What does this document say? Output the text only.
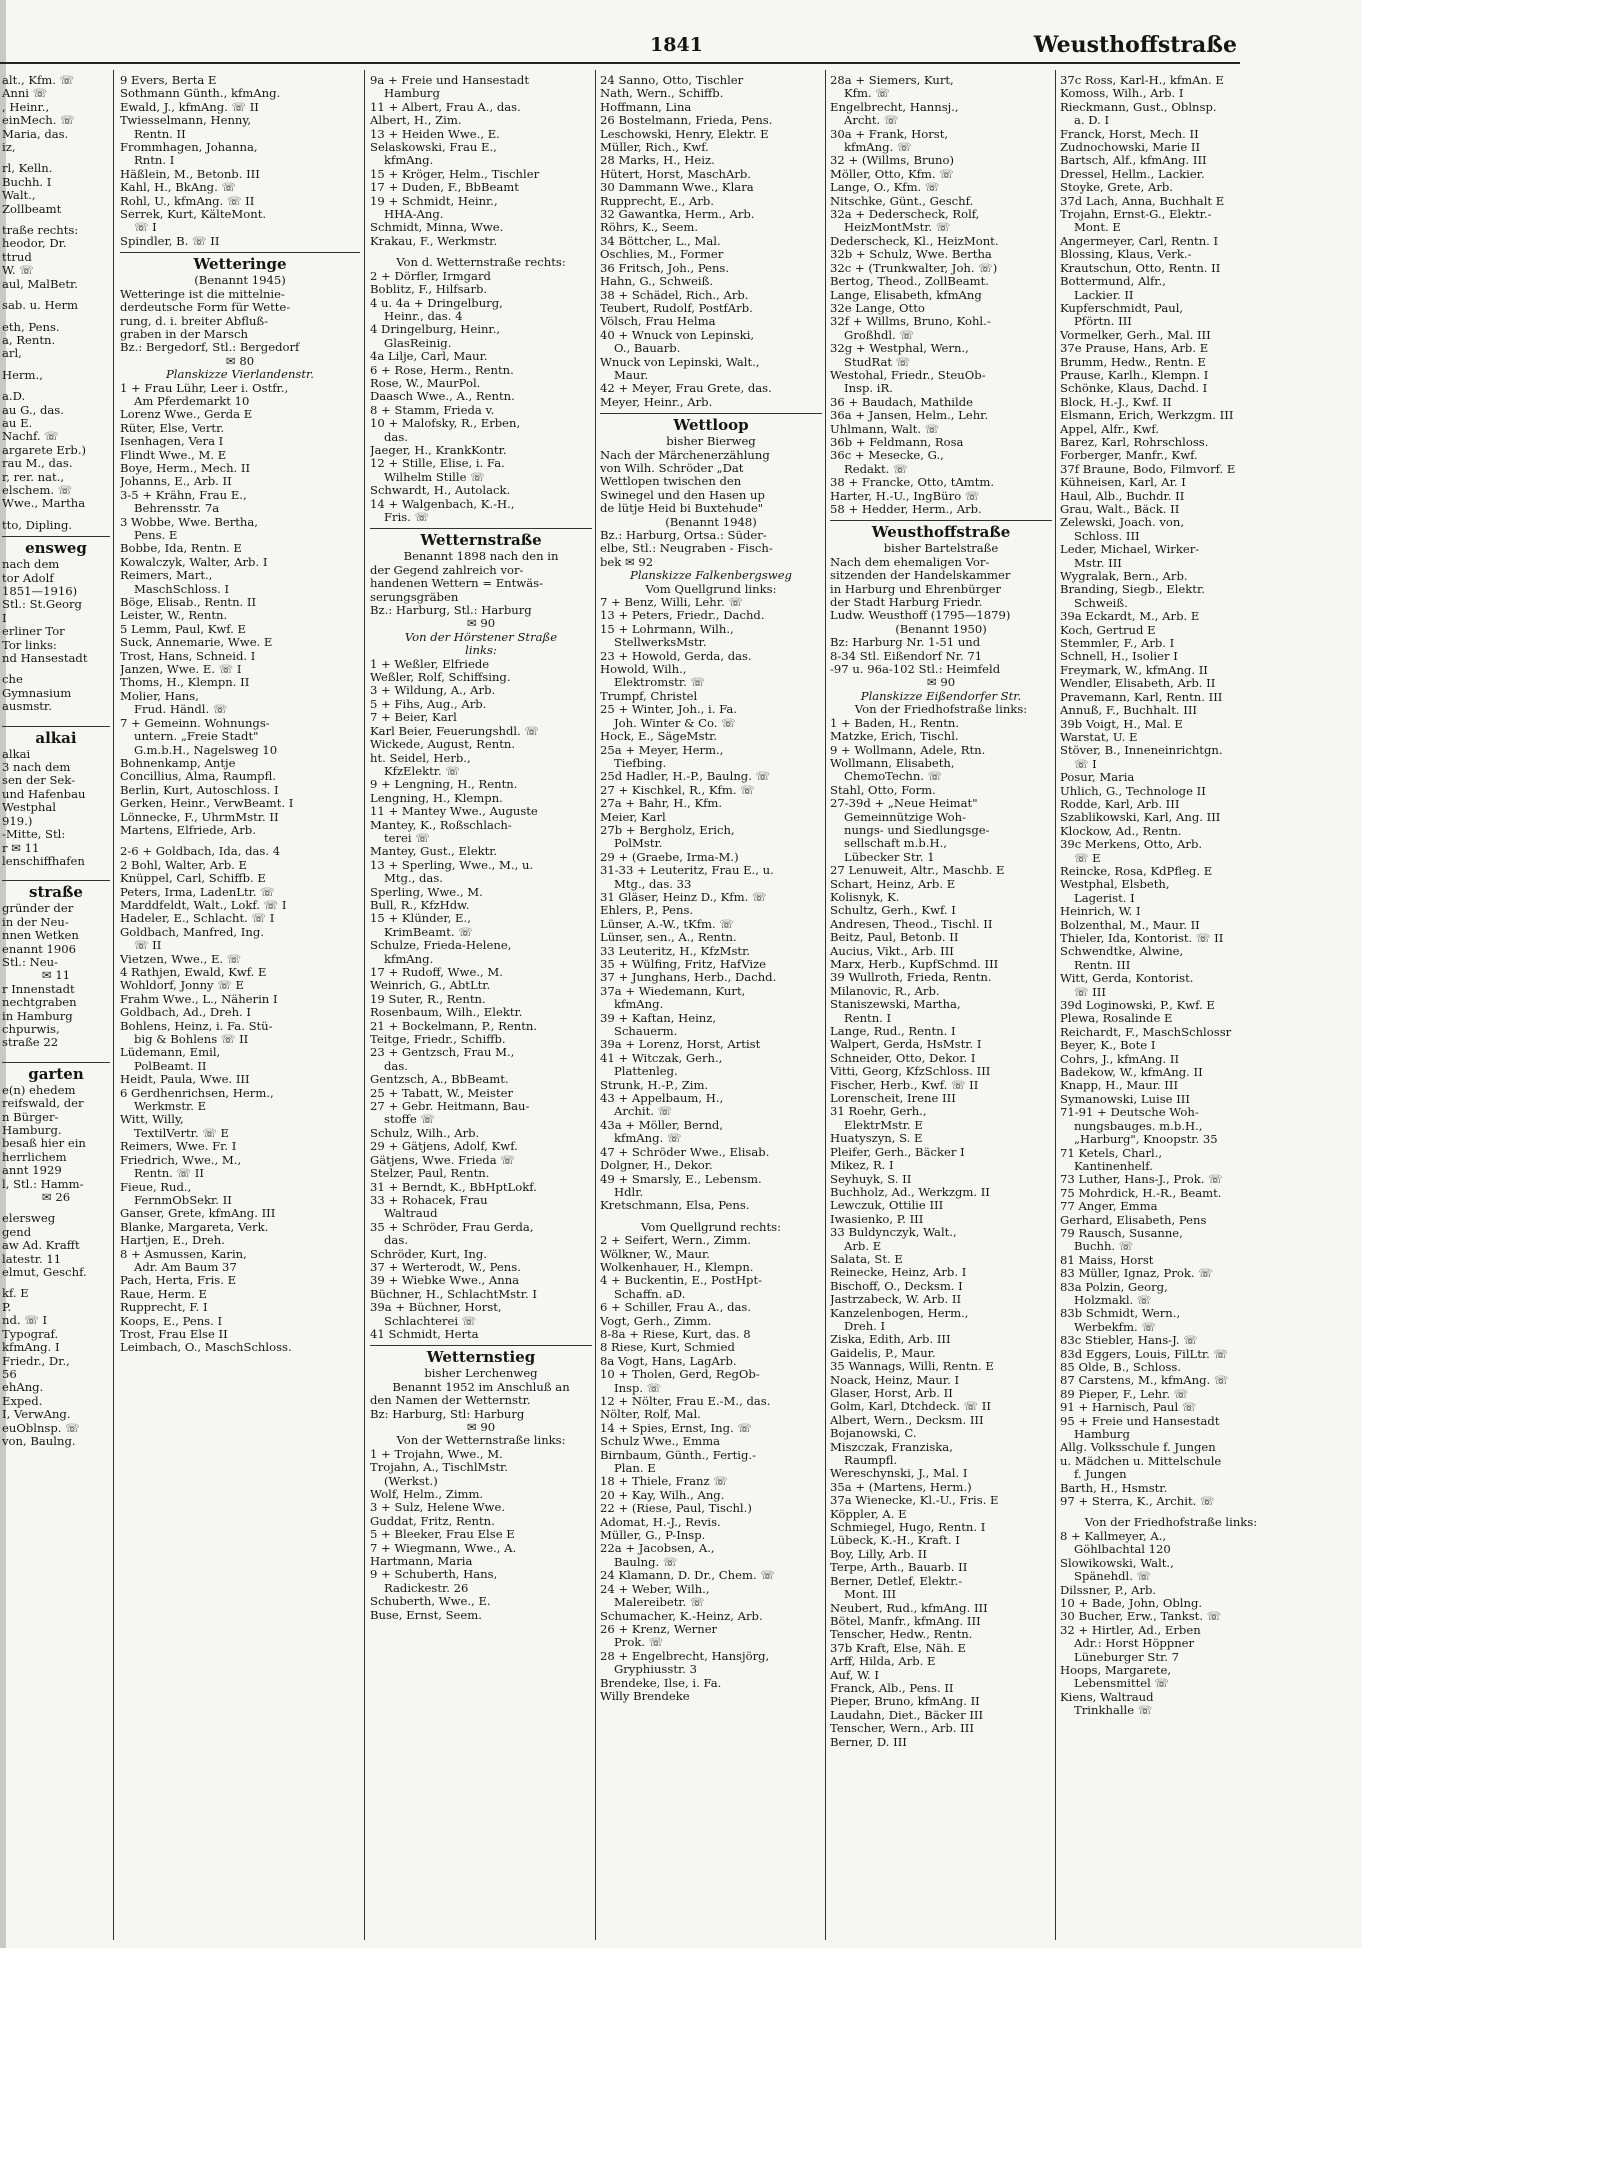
1841	Weusthoffstraße
alt., Kfm. ☏
Anni ☏
, Heinr.,
einMech. ☏
Maria, das.
iz,
rl, Kelln.
Buchh. I
Walt.,
Zollbeamt
traße rechts:
heodor, Dr.
ttrud
W. ☏
aul, MalBetr.
sab. u. Herm
eth, Pens.
a, Rentn.
arl,
Herm.,
a.D.
au G., das.
au E.
Nachf. ☏
argarete Erb.)
rau M., das.
r, rer. nat.,
elschem. ☏
Wwe., Martha
tto, Dipling.
ensweg
nach dem
tor Adolf
1851—1916)
Stl.: St.Georg
I
erliner Tor
Tor links:
nd Hansestadt
che
Gymnasium
ausmstr.
alkai
alkai
3 nach dem
sen der Sek-
und Hafenbau
Westphal
919.)
-Mitte, Stl:
r ✉ 11
lenschiffhafen
straße
gründer der
in der Neu-
nnen Wetken
enannt 1906
Stl.: Neu-
✉ 11
r Innenstadt
nechtgraben
in Hamburg
chpurwis,
straße 22
garten
e(n) ehedem
reifswald, der
n Bürger-
Hamburg.
besaß hier ein
herrlichem
annt 1929
l, Stl.: Hamm-
✉ 26
elersweg
gend
aw Ad. Krafft
latestr. 11
elmut, Geschf.
kf. E
P.
nd. ☏ I
Typograf.
kfmAng. I
Friedr., Dr.,
56
ehAng.
Exped.
I, VerwAng.
euOblnsp. ☏
von, Baulng.
9 Evers, Berta E
Sothmann Günth., kfmAng.
Ewald, J., kfmAng. ☏ II
Twiesselmann, Henny,
Rentn. II
Frommhagen, Johanna,
Rntn. I
Häßlein, M., Betonb. III
Kahl, H., BkAng. ☏
Rohl, U., kfmAng. ☏ II
Serrek, Kurt, KälteMont.
☏ I
Spindler, B. ☏ II
Wetteringe
(Benannt 1945)
Wetteringe ist die mittelnie-
derdeutsche Form für Wette-
rung, d. i. breiter Abfluß-
graben in der Marsch
Bz.: Bergedorf, Stl.: Bergedorf
✉ 80
Planskizze Vierlandenstr.
1 + Frau Lühr, Leer i. Ostfr.,
Am Pferdemarkt 10
Lorenz Wwe., Gerda E
Rüter, Else, Vertr.
Isenhagen, Vera I
Flindt Wwe., M. E
Boye, Herm., Mech. II
Johanns, E., Arb. II
3-5 + Krähn, Frau E.,
Behrensstr. 7a
3 Wobbe, Wwe. Bertha,
Pens. E
Bobbe, Ida, Rentn. E
Kowalczyk, Walter, Arb. I
Reimers, Mart.,
MaschSchloss. I
Böge, Elisab., Rentn. II
Leister, W., Rentn.
5 Lemm, Paul, Kwf. E
Suck, Annemarie, Wwe. E
Trost, Hans, Schneid. I
Janzen, Wwe. E. ☏ I
Thoms, H., Klempn. II
Molier, Hans,
Frud. Händl. ☏
7 + Gemeinn. Wohnungs-
untern. „Freie Stadt"
G.m.b.H., Nagelsweg 10
Bohnenkamp, Antje
Concillius, Alma, Raumpfl.
Berlin, Kurt, Autoschloss. I
Gerken, Heinr., VerwBeamt. I
Lönnecke, F., UhrmMstr. II
Martens, Elfriede, Arb.
2-6 + Goldbach, Ida, das. 4
2 Bohl, Walter, Arb. E
Knüppel, Carl, Schiffb. E
Peters, Irma, LadenLtr. ☏
Marddfeldt, Walt., Lokf. ☏ I
Hadeler, E., Schlacht. ☏ I
Goldbach, Manfred, Ing.
☏ II
Vietzen, Wwe., E. ☏
4 Rathjen, Ewald, Kwf. E
Wohldorf, Jonny ☏ E
Frahm Wwe., L., Näherin I
Goldbach, Ad., Dreh. I
Bohlens, Heinz, i. Fa. Stü-
big & Bohlens ☏ II
Lüdemann, Emil,
PolBeamt. II
Heidt, Paula, Wwe. III
6 Gerdhenrichsen, Herm.,
Werkmstr. E
Witt, Willy,
TextilVertr. ☏ E
Reimers, Wwe. Fr. I
Friedrich, Wwe., M.,
Rentn. ☏ II
Fieue, Rud.,
FernmObSekr. II
Ganser, Grete, kfmAng. III
Blanke, Margareta, Verk.
Hartjen, E., Dreh.
8 + Asmussen, Karin,
Adr. Am Baum 37
Pach, Herta, Fris. E
Raue, Herm. E
Rupprecht, F. I
Koops, E., Pens. I
Trost, Frau Else II
Leimbach, O., MaschSchloss.
9a + Freie und Hansestadt
Hamburg
11 + Albert, Frau A., das.
Albert, H., Zim.
13 + Heiden Wwe., E.
Selaskowski, Frau E.,
kfmAng.
15 + Kröger, Helm., Tischler
17 + Duden, F., BbBeamt
19 + Schmidt, Heinr.,
HHA-Ang.
Schmidt, Minna, Wwe.
Krakau, F., Werkmstr.
Von d. Wetternstraße rechts:
2 + Dörfler, Irmgard
Boblitz, F., Hilfsarb.
4 u. 4a + Dringelburg,
Heinr., das. 4
4 Dringelburg, Heinr.,
GlasReinig.
4a Lilje, Carl, Maur.
6 + Rose, Herm., Rentn.
Rose, W., MaurPol.
Daasch Wwe., A., Rentn.
8 + Stamm, Frieda v.
10 + Malofsky, R., Erben,
das.
Jaeger, H., KrankKontr.
12 + Stille, Elise, i. Fa.
Wilhelm Stille ☏
Schwardt, H., Autolack.
14 + Walgenbach, K.-H.,
Fris. ☏
Wetternstraße
Benannt 1898 nach den in
der Gegend zahlreich vor-
handenen Wettern = Entwäs-
serungsgräben
Bz.: Harburg, Stl.: Harburg
✉ 90
Von der Hörstener Straße
links:
1 + Weßler, Elfriede
Weßler, Rolf, Schiffsing.
3 + Wildung, A., Arb.
5 + Fihs, Aug., Arb.
7 + Beier, Karl
Karl Beier, Feuerungshdl. ☏
Wickede, August, Rentn.
ht. Seidel, Herb.,
KfzElektr. ☏
9 + Lengning, H., Rentn.
Lengning, H., Klempn.
11 + Mantey Wwe., Auguste
Mantey, K., Roßschlach-
terei ☏
Mantey, Gust., Elektr.
13 + Sperling, Wwe., M., u.
Mtg., das.
Sperling, Wwe., M.
Bull, R., KfzHdw.
15 + Klünder, E.,
KrimBeamt. ☏
Schulze, Frieda-Helene,
kfmAng.
17 + Rudoff, Wwe., M.
Weinrich, G., AbtLtr.
19 Suter, R., Rentn.
Rosenbaum, Wilh., Elektr.
21 + Bockelmann, P., Rentn.
Teitge, Friedr., Schiffb.
23 + Gentzsch, Frau M.,
das.
Gentzsch, A., BbBeamt.
25 + Tabatt, W., Meister
27 + Gebr. Heitmann, Bau-
stoffe ☏
Schulz, Wilh., Arb.
29 + Gätjens, Adolf, Kwf.
Gätjens, Wwe. Frieda ☏
Stelzer, Paul, Rentn.
31 + Berndt, K., BbHptLokf.
33 + Rohacek, Frau
Waltraud
35 + Schröder, Frau Gerda,
das.
Schröder, Kurt, Ing.
37 + Werterodt, W., Pens.
39 + Wiebke Wwe., Anna
Büchner, H., SchlachtMstr. I
39a + Büchner, Horst,
Schlachterei ☏
41 Schmidt, Herta
Wetternstieg
bisher Lerchenweg
Benannt 1952 im Anschluß an
den Namen der Wetternstr.
Bz: Harburg, Stl: Harburg
✉ 90
Von der Wetternstraße links:
1 + Trojahn, Wwe., M.
Trojahn, A., TischlMstr.
(Werkst.)
Wolf, Helm., Zimm.
3 + Sulz, Helene Wwe.
Guddat, Fritz, Rentn.
5 + Bleeker, Frau Else E
7 + Wiegmann, Wwe., A.
Hartmann, Maria
9 + Schuberth, Hans,
Radickestr. 26
Schuberth, Wwe., E.
Buse, Ernst, Seem.
24 Sanno, Otto, Tischler
Nath, Wern., Schiffb.
Hoffmann, Lina
26 Bostelmann, Frieda, Pens.
Leschowski, Henry, Elektr. E
Müller, Rich., Kwf.
28 Marks, H., Heiz.
Hütert, Horst, MaschArb.
30 Dammann Wwe., Klara
Rupprecht, E., Arb.
32 Gawantka, Herm., Arb.
Röhrs, K., Seem.
34 Böttcher, L., Mal.
Oschlies, M., Former
36 Fritsch, Joh., Pens.
Hahn, G., Schweiß.
38 + Schädel, Rich., Arb.
Teubert, Rudolf, PostfArb.
Völsch, Frau Helma
40 + Wnuck von Lepinski,
O., Bauarb.
Wnuck von Lepinski, Walt.,
Maur.
42 + Meyer, Frau Grete, das.
Meyer, Heinr., Arb.
Wettloop
bisher Bierweg
Nach der Märchenerzählung
von Wilh. Schröder „Dat
Wettlopen twischen den
Swinegel und den Hasen up
de lütje Heid bi Buxtehude"
(Benannt 1948)
Bz.: Harburg, Ortsa.: Süder-
elbe, Stl.: Neugraben - Fisch-
bek ✉ 92
Planskizze Falkenbergsweg
Vom Quellgrund links:
7 + Benz, Willi, Lehr. ☏
13 + Peters, Friedr., Dachd.
15 + Lohrmann, Wilh.,
StellwerksMstr.
23 + Howold, Gerda, das.
Howold, Wilh.,
Elektromstr. ☏
Trumpf, Christel
25 + Winter, Joh., i. Fa.
Joh. Winter & Co. ☏
Hock, E., SägeMstr.
25a + Meyer, Herm.,
Tiefbing.
25d Hadler, H.-P., Baulng. ☏
27 + Kischkel, R., Kfm. ☏
27a + Bahr, H., Kfm.
Meier, Karl
27b + Bergholz, Erich,
PolMstr.
29 + (Graebe, Irma-M.)
31-33 + Leuteritz, Frau E., u.
Mtg., das. 33
31 Gläser, Heinz D., Kfm. ☏
Ehlers, P., Pens.
Lünser, A.-W., tKfm. ☏
Lünser, sen., A., Rentn.
33 Leuteritz, H., KfzMstr.
35 + Wülfing, Fritz, HafVize
37 + Junghans, Herb., Dachd.
37a + Wiedemann, Kurt,
kfmAng.
39 + Kaftan, Heinz,
Schauerm.
39a + Lorenz, Horst, Artist
41 + Witczak, Gerh.,
Plattenleg.
Strunk, H.-P., Zim.
43 + Appelbaum, H.,
Archit. ☏
43a + Möller, Bernd,
kfmAng. ☏
47 + Schröder Wwe., Elisab.
Dolgner, H., Dekor.
49 + Smarsly, E., Lebensm.
Hdlr.
Kretschmann, Elsa, Pens.
Vom Quellgrund rechts:
2 + Seifert, Wern., Zimm.
Wölkner, W., Maur.
Wolkenhauer, H., Klempn.
4 + Buckentin, E., PostHpt-
Schaffn. aD.
6 + Schiller, Frau A., das.
Vogt, Gerh., Zimm.
8-8a + Riese, Kurt, das. 8
8 Riese, Kurt, Schmied
8a Vogt, Hans, LagArb.
10 + Tholen, Gerd, RegOb-
Insp. ☏
12 + Nölter, Frau E.-M., das.
Nölter, Rolf, Mal.
14 + Spies, Ernst, Ing. ☏
Schulz Wwe., Emma
Birnbaum, Günth., Fertig.-
Plan. E
18 + Thiele, Franz ☏
20 + Kay, Wilh., Ang.
22 + (Riese, Paul, Tischl.)
Adomat, H.-J., Revis.
Müller, G., P-Insp.
22a + Jacobsen, A.,
Baulng. ☏
24 Klamann, D. Dr., Chem. ☏
24 + Weber, Wilh.,
Malereibetr. ☏
Schumacher, K.-Heinz, Arb.
26 + Krenz, Werner
Prok. ☏
28 + Engelbrecht, Hansjörg,
Gryphiusstr. 3
Brendeke, Ilse, i. Fa.
Willy Brendeke
28a + Siemers, Kurt,
Kfm. ☏
Engelbrecht, Hannsj.,
Archt. ☏
30a + Frank, Horst,
kfmAng. ☏
32 + (Willms, Bruno)
Möller, Otto, Kfm. ☏
Lange, O., Kfm. ☏
Nitschke, Günt., Geschf.
32a + Dederscheck, Rolf,
HeizMontMstr. ☏
Dederscheck, Kl., HeizMont.
32b + Schulz, Wwe. Bertha
32c + (Trunkwalter, Joh. ☏)
Bertog, Theod., ZollBeamt.
Lange, Elisabeth, kfmAng
32e Lange, Otto
32f + Willms, Bruno, Kohl.-
Großhdl. ☏
32g + Westphal, Wern.,
StudRat ☏
Westohal, Friedr., SteuOb-
Insp. iR.
36 + Baudach, Mathilde
36a + Jansen, Helm., Lehr.
Uhlmann, Walt. ☏
36b + Feldmann, Rosa
36c + Mesecke, G.,
Redakt. ☏
38 + Francke, Otto, tAmtm.
Harter, H.-U., IngBüro ☏
58 + Hedder, Herm., Arb.
Weusthoffstraße
bisher Bartelstraße
Nach dem ehemaligen Vor-
sitzenden der Handelskammer
in Harburg und Ehrenbürger
der Stadt Harburg Friedr.
Ludw. Weusthoff (1795—1879)
(Benannt 1950)
Bz: Harburg Nr. 1-51 und
8-34 Stl. Eißendorf Nr. 71
-97 u. 96a-102 Stl.: Heimfeld
✉ 90
Planskizze Eißendorfer Str.
Von der Friedhofstraße links:
1 + Baden, H., Rentn.
Matzke, Erich, Tischl.
9 + Wollmann, Adele, Rtn.
Wollmann, Elisabeth,
ChemoTechn. ☏
Stahl, Otto, Form.
27-39d + „Neue Heimat"
Gemeinnützige Woh-
nungs- und Siedlungsge-
sellschaft m.b.H.,
Lübecker Str. 1
27 Lenuweit, Altr., Maschb. E
Schart, Heinz, Arb. E
Kolisnyk, K.
Schultz, Gerh., Kwf. I
Andresen, Theod., Tischl. II
Beitz, Paul, Betonb. II
Aucius, Vikt., Arb. III
Marx, Herb., KupfSchmd. III
39 Wullroth, Frieda, Rentn.
Milanovic, R., Arb.
Staniszewski, Martha,
Rentn. I
Lange, Rud., Rentn. I
Walpert, Gerda, HsMstr. I
Schneider, Otto, Dekor. I
Vitti, Georg, KfzSchloss. III
Fischer, Herb., Kwf. ☏ II
Lorenscheit, Irene III
31 Roehr, Gerh.,
ElektrMstr. E
Huatyszyn, S. E
Pleifer, Gerh., Bäcker I
Mikez, R. I
Seyhuyk, S. II
Buchholz, Ad., Werkzgm. II
Lewczuk, Ottilie III
Iwasienko, P. III
33 Buldynczyk, Walt.,
Arb. E
Salata, St. E
Reinecke, Heinz, Arb. I
Bischoff, O., Decksm. I
Jastrzabeck, W. Arb. II
Kanzelenbogen, Herm.,
Dreh. I
Ziska, Edith, Arb. III
Gaidelis, P., Maur.
35 Wannags, Willi, Rentn. E
Noack, Heinz, Maur. I
Glaser, Horst, Arb. II
Golm, Karl, Dtchdeck. ☏ II
Albert, Wern., Decksm. III
Bojanowski, C.
Miszczak, Franziska,
Raumpfl.
Wereschynski, J., Mal. I
35a + (Martens, Herm.)
37a Wienecke, Kl.-U., Fris. E
Köppler, A. E
Schmiegel, Hugo, Rentn. I
Lübeck, K.-H., Kraft. I
Boy, Lilly, Arb. II
Terpe, Arth., Bauarb. II
Berner, Detlef, Elektr.-
Mont. III
Neubert, Rud., kfmAng. III
Bötel, Manfr., kfmAng. III
Tenscher, Hedw., Rentn.
37b Kraft, Else, Näh. E
Arff, Hilda, Arb. E
Auf, W. I
Franck, Alb., Pens. II
Pieper, Bruno, kfmAng. II
Laudahn, Diet., Bäcker III
Tenscher, Wern., Arb. III
Berner, D. III
37c Ross, Karl-H., kfmAn. E
Komoss, Wilh., Arb. I
Rieckmann, Gust., Oblnsp.
a. D. I
Franck, Horst, Mech. II
Zudnochowski, Marie II
Bartsch, Alf., kfmAng. III
Dressel, Hellm., Lackier.
Stoyke, Grete, Arb.
37d Lach, Anna, Buchhalt E
Trojahn, Ernst-G., Elektr.-
Mont. E
Angermeyer, Carl, Rentn. I
Blossing, Klaus, Verk.-
Krautschun, Otto, Rentn. II
Bottermund, Alfr.,
Lackier. II
Kupferschmidt, Paul,
Pförtn. III
Vormelker, Gerh., Mal. III
37e Prause, Hans, Arb. E
Brumm, Hedw., Rentn. E
Prause, Karlh., Klempn. I
Schönke, Klaus, Dachd. I
Block, H.-J., Kwf. II
Elsmann, Erich, Werkzgm. III
Appel, Alfr., Kwf.
Barez, Karl, Rohrschloss.
Forberger, Manfr., Kwf.
37f Braune, Bodo, Filmvorf. E
Kühneisen, Karl, Ar. I
Haul, Alb., Buchdr. II
Grau, Walt., Bäck. II
Zelewski, Joach. von,
Schloss. III
Leder, Michael, Wirker-
Mstr. III
Wygralak, Bern., Arb.
Branding, Siegb., Elektr.
Schweiß.
39a Eckardt, M., Arb. E
Koch, Gertrud E
Stemmler, F., Arb. I
Schnell, H., Isolier I
Freymark, W., kfmAng. II
Wendler, Elisabeth, Arb. II
Pravemann, Karl, Rentn. III
Annuß, F., Buchhalt. III
39b Voigt, H., Mal. E
Warstat, U. E
Stöver, B., Inneneinrichtgn.
☏ I
Posur, Maria
Uhlich, G., Technologe II
Rodde, Karl, Arb. III
Szablikowski, Karl, Ang. III
Klockow, Ad., Rentn.
39c Merkens, Otto, Arb.
☏ E
Reincke, Rosa, KdPfleg. E
Westphal, Elsbeth,
Lagerist. I
Heinrich, W. I
Bolzenthal, M., Maur. II
Thieler, Ida, Kontorist. ☏ II
Schwendtke, Alwine,
Rentn. III
Witt, Gerda, Kontorist.
☏ III
39d Loginowski, P., Kwf. E
Plewa, Rosalinde E
Reichardt, F., MaschSchlossr
Beyer, K., Bote I
Cohrs, J., kfmAng. II
Badekow, W., kfmAng. II
Knapp, H., Maur. III
Symanowski, Luise III
71-91 + Deutsche Woh-
nungsbauges. m.b.H.,
„Harburg", Knoopstr. 35
71 Ketels, Charl.,
Kantinenhelf.
73 Luther, Hans-J., Prok. ☏
75 Mohrdick, H.-R., Beamt.
77 Anger, Emma
Gerhard, Elisabeth, Pens
79 Rausch, Susanne,
Buchh. ☏
81 Maiss, Horst
83 Müller, Ignaz, Prok. ☏
83a Polzin, Georg,
Holzmakl. ☏
83b Schmidt, Wern.,
Werbekfm. ☏
83c Stiebler, Hans-J. ☏
83d Eggers, Louis, FilLtr. ☏
85 Olde, B., Schloss.
87 Carstens, M., kfmAng. ☏
89 Pieper, F., Lehr. ☏
91 + Harnisch, Paul ☏
95 + Freie und Hansestadt
Hamburg
Allg. Volksschule f. Jungen
u. Mädchen u. Mittelschule
f. Jungen
Barth, H., Hsmstr.
97 + Sterra, K., Archit. ☏
Von der Friedhofstraße links:
8 + Kallmeyer, A.,
Göhlbachtal 120
Slowikowski, Walt.,
Spänehdl. ☏
Dilssner, P., Arb.
10 + Bade, John, Oblng.
30 Bucher, Erw., Tankst. ☏
32 + Hirtler, Ad., Erben
Adr.: Horst Höppner
Lüneburger Str. 7
Hoops, Margarete,
Lebensmittel ☏
Kiens, Waltraud
Trinkhalle ☏
